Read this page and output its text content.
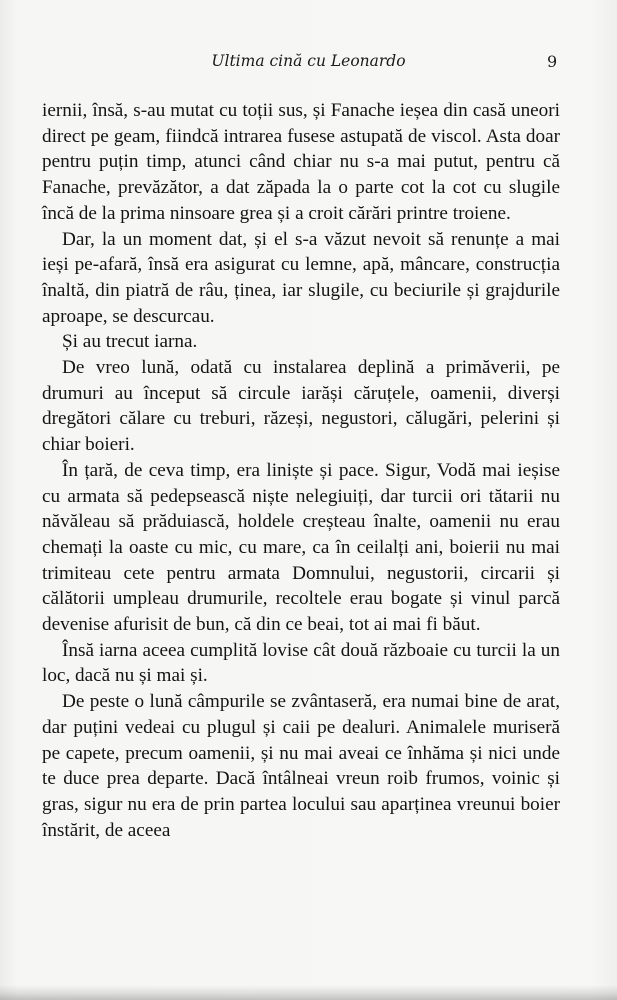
Ultima cină cu Leonardo	9

iernii, însă, s-au mutat cu toții sus, și Fanache ieșea din casă uneori direct pe geam, fiindcă intrarea fusese astupată de viscol. Asta doar pentru puțin timp, atunci când chiar nu s-a mai putut, pentru că Fanache, prevăzător, a dat zăpada la o parte cot la cot cu slugile încă de la prima ninsoare grea și a croit cărări printre troiene.

Dar, la un moment dat, și el s-a văzut nevoit să renunțe a mai ieși pe-afară, însă era asigurat cu lemne, apă, mâncare, construcția înaltă, din piatră de râu, ținea, iar slugile, cu beciurile și grajdurile aproape, se descurcau.

Și au trecut iarna.

De vreo lună, odată cu instalarea deplină a primăverii, pe drumuri au început să circule iarăși căruțele, oamenii, diverși dregători călare cu treburi, răzeși, negustori, călugări, pelerini și chiar boieri.

În țară, de ceva timp, era liniște și pace. Sigur, Vodă mai ieșise cu armata să pedepsească niște nelegiuiți, dar turcii ori tătarii nu năvăleau să prăduiască, holdele creșteau înalte, oamenii nu erau chemați la oaste cu mic, cu mare, ca în ceilalți ani, boierii nu mai trimiteau cete pentru armata Domnului, negustorii, circarii și călătorii umpleau drumurile, recoltele erau bogate și vinul parcă devenise afurisit de bun, că din ce beai, tot ai mai fi băut.

Însă iarna aceea cumplită lovise cât două războaie cu turcii la un loc, dacă nu și mai și.

De peste o lună câmpurile se zvântaseră, era numai bine de arat, dar puțini vedeai cu plugul și caii pe dealuri. Animalele muriseră pe capete, precum oamenii, și nu mai aveai ce înhăma și nici unde te duce prea departe. Dacă întâlneai vreun roib frumos, voinic și gras, sigur nu era de prin partea locului sau aparținea vreunui boier înstărit, de aceea
